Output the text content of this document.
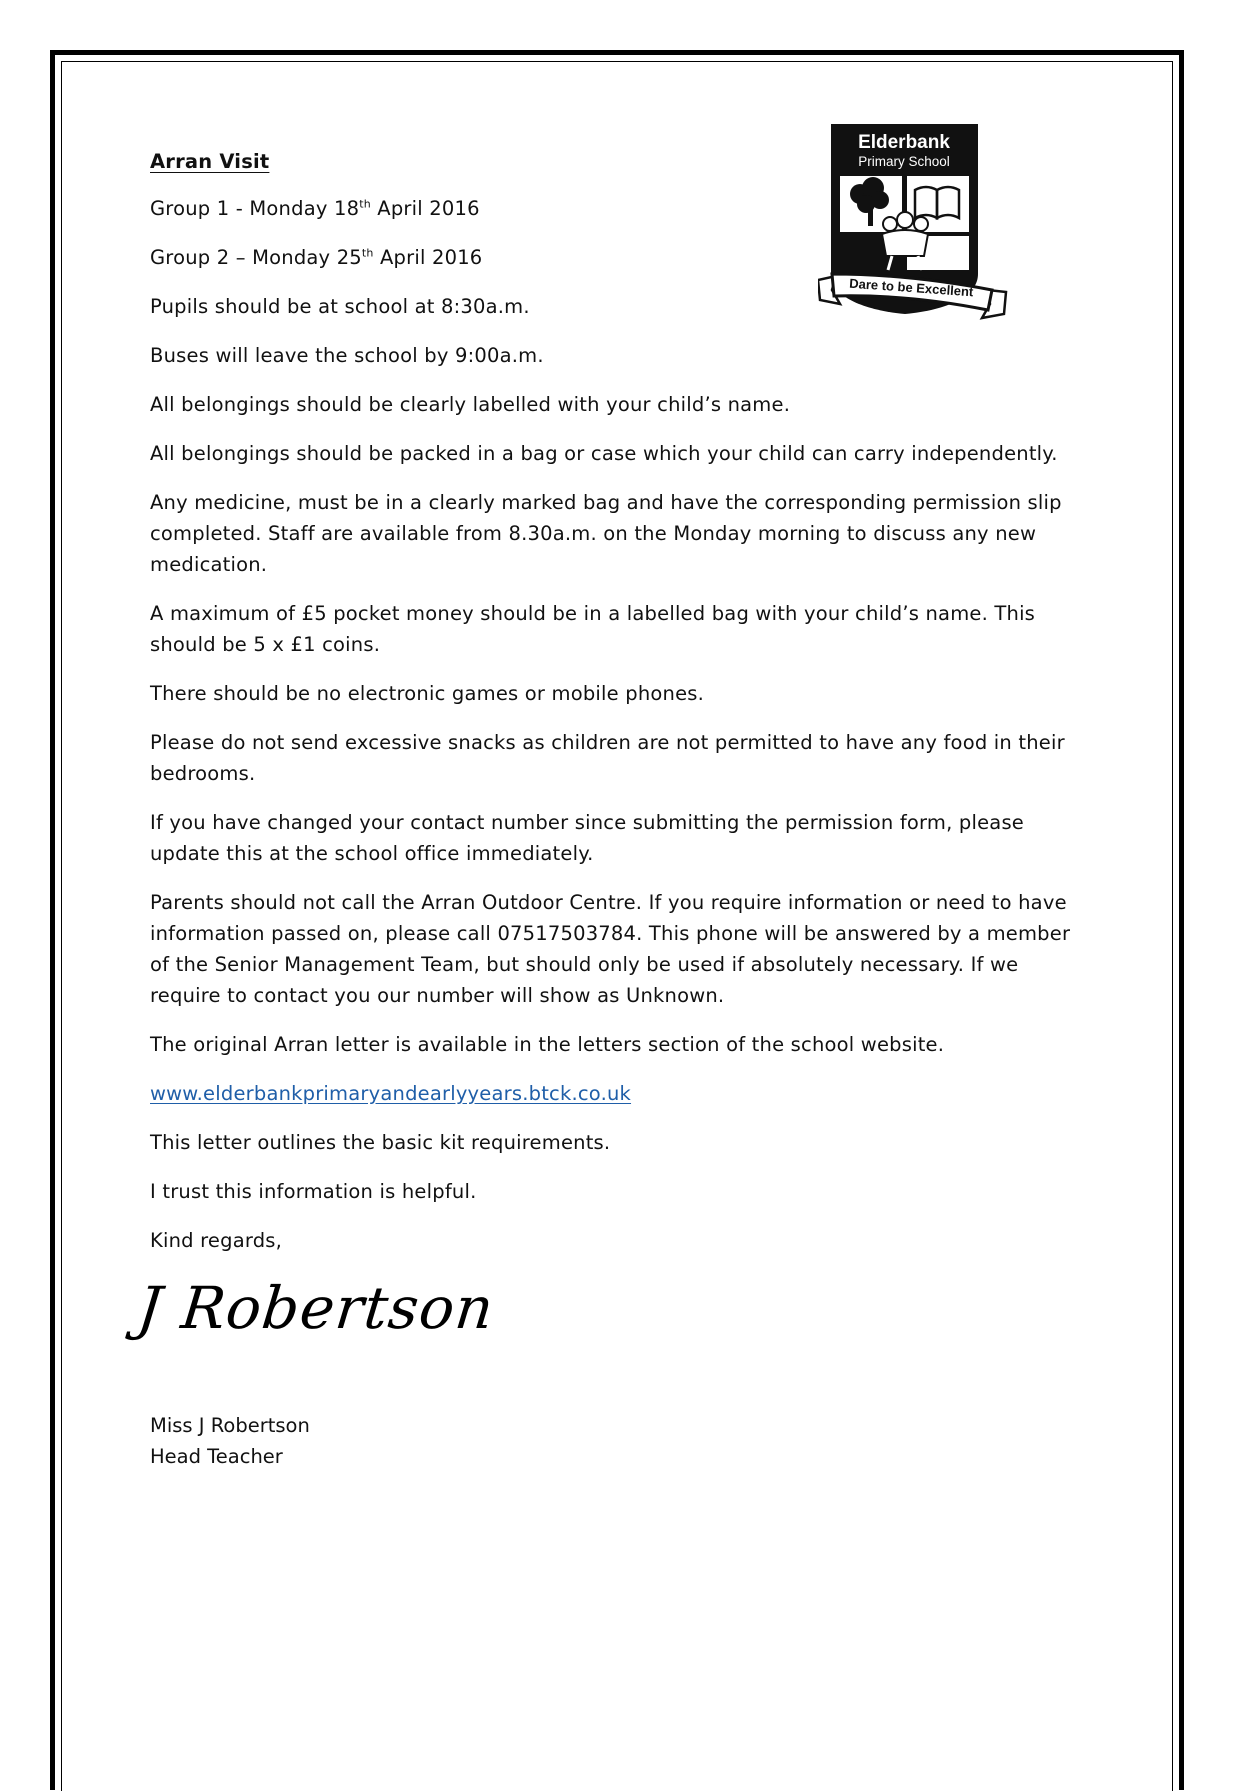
Elderbank
Primary School
Dare to be Excellent

Arran Visit

Group 1 - Monday 18th April 2016

Group 2 – Monday 25th April 2016

Pupils should be at school at 8:30a.m.

Buses will leave the school by 9:00a.m.

All belongings should be clearly labelled with your child’s name.

All belongings should be packed in a bag or case which your child can carry independently.

Any medicine, must be in a clearly marked bag and have the corresponding permission slip completed. Staff are available from 8.30a.m. on the Monday morning to discuss any new medication.

A maximum of £5 pocket money should be in a labelled bag with your child’s name. This should be 5 x £1 coins.

There should be no electronic games or mobile phones.

Please do not send excessive snacks as children are not permitted to have any food in their bedrooms.

If you have changed your contact number since submitting the permission form, please update this at the school office immediately.

Parents should not call the Arran Outdoor Centre. If you require information or need to have information passed on, please call 07517503784. This phone will be answered by a member of the Senior Management Team, but should only be used if absolutely necessary. If we require to contact you our number will show as Unknown.

The original Arran letter is available in the letters section of the school website.

www.elderbankprimaryandearlyyears.btck.co.uk

This letter outlines the basic kit requirements.

I trust this information is helpful.

Kind regards,

J Robertson
Miss J Robertson
Head Teacher
